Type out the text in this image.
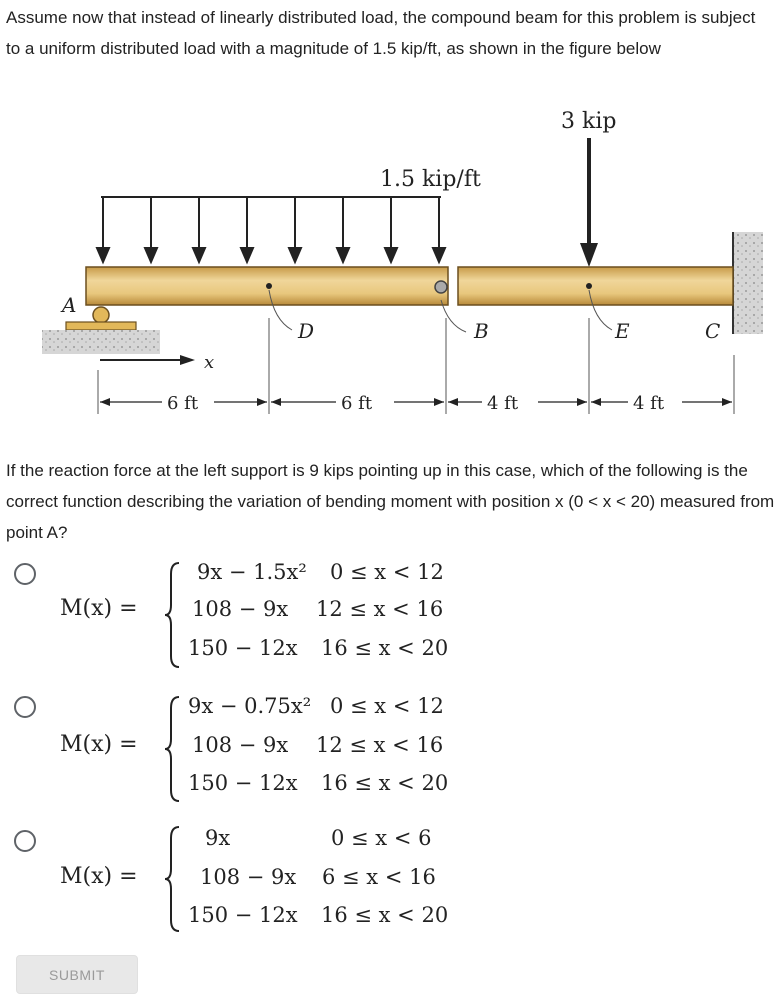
Assume now that instead of linearly distributed load, the compound beam for this problem is subject to a uniform distributed load with a magnitude of 1.5 kip/ft, as shown in the figure below

1.5 kip/ft
3 kip
A
D	B	E	C
x
6 ft	6 ft	4 ft	4 ft

If the reaction force at the left support is 9 kips pointing up in this case, which of the following is the correct function describing the variation of bending moment with position x (0 < x < 20) measured from point A?

M(x) =
9x − 1.5x² 0 ≤ x < 12
108 − 9x 12 ≤ x < 16
150 − 12x 16 ≤ x < 20
M(x) =
9x − 0.75x² 0 ≤ x < 12
108 − 9x 12 ≤ x < 16
150 − 12x 16 ≤ x < 20
M(x) =
9x	0 ≤ x < 6
108 − 9x 6 ≤ x < 16
150 − 12x 16 ≤ x < 20
SUBMIT
